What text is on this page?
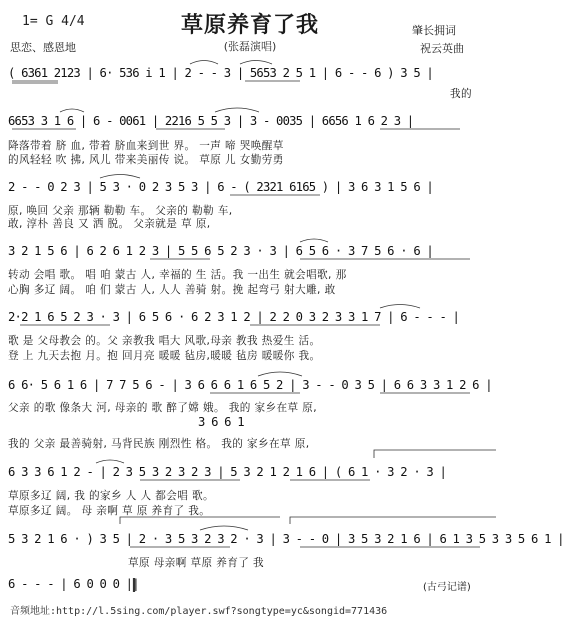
1= G 4/4	草原养育了我
(张磊演唱)
思恋、感恩地
肇长拥词
祝云英曲
( 6361 2123 | 6· 536 i 1 | 2 - - 3 | 5653 2 5 1 | 6 - - 6 ) 3 5 |
我的
6653 3 1 6 | 6 - 0061 | 2216 5 5 3 | 3 - 0035 | 6656 1 6 2 3 |
降落带着 脐 血, 带着 脐血来到世 界。 一声 啼 哭唤醒草
的风轻轻 吹 拂, 风儿 带来美丽传 说。 草原 儿 女勤劳勇
2 - - 0 2 3 | 5 3 · 0 2 3 5 3 | 6 - ( 2321 6165 ) | 3 6 3 1 5 6 |
原, 唤回 父亲 那辆 勒勒 车。 父亲的 勒勒 车,
敢, 淳朴 善良 又 洒 脱。 父亲就是 草 原,
3 2 1 5 6 | 6 2 6 1 2 3 | 5 5 6 5 2 3 · 3 | 6 5 6 · 3 7 5 6 · 6 |
转动 会唱 歌。 唱 咱 蒙古 人, 幸福的 生 活。我 一出生 就会唱歌, 那
心胸 多辽 阔。 咱 们 蒙古 人, 人人 善骑 射。挽 起弯弓 射大雕, 敢
2·2 1 6 5 2 3 · 3 | 6 5 6 · 6 2 3 1 2 | 2 2 0 3 2 3 3 1 7 | 6 - - - |
歌 是 父母教会 的。父 亲教我 唱大 风歌,母亲 教我 热爱生 活。
登 上 九天去抱 月。抱 回月亮 暖暖 毡房,暖暖 毡房 暖暖你 我。
6 6· 5 6 1 6 | 7 7 5 6 - | 3 6 6 6 1 6 5 2 | 3 - - 0 3 5 | 6 6 3 3 1 2 6 |
父亲 的歌 像条大 河, 母亲的 歌 醉了嫦 娥。 我的 家乡在草 原,
3 6 6 1
我的 父亲 最善骑射, 马背民族 刚烈性 格。 我的 家乡在草 原,
6 3 3 6 1 2 - | 2 3 5 3 2 3 2 3 | 5 3 2 1 2 1 6 | ( 6 1 · 3 2 · 3 |
草原多辽 阔, 我 的家乡 人 人 都会唱 歌。
草原多辽 阔。 母 亲啊 草 原 养育了 我。
5 3 2 1 6 · ) 3 5 | 2 · 3 5 3 2 3 2 · 3 | 3 - - 0 | 3 5 3 2 1 6 | 6 1 3 5 3 3 5 6 1 |
草原 母亲啊 草原 养育了 我
6 - - - | 6 0 0 0 ||	(古弓记谱)
音频地址:http://l.5sing.com/player.swf?songtype=yc&songid=771436
